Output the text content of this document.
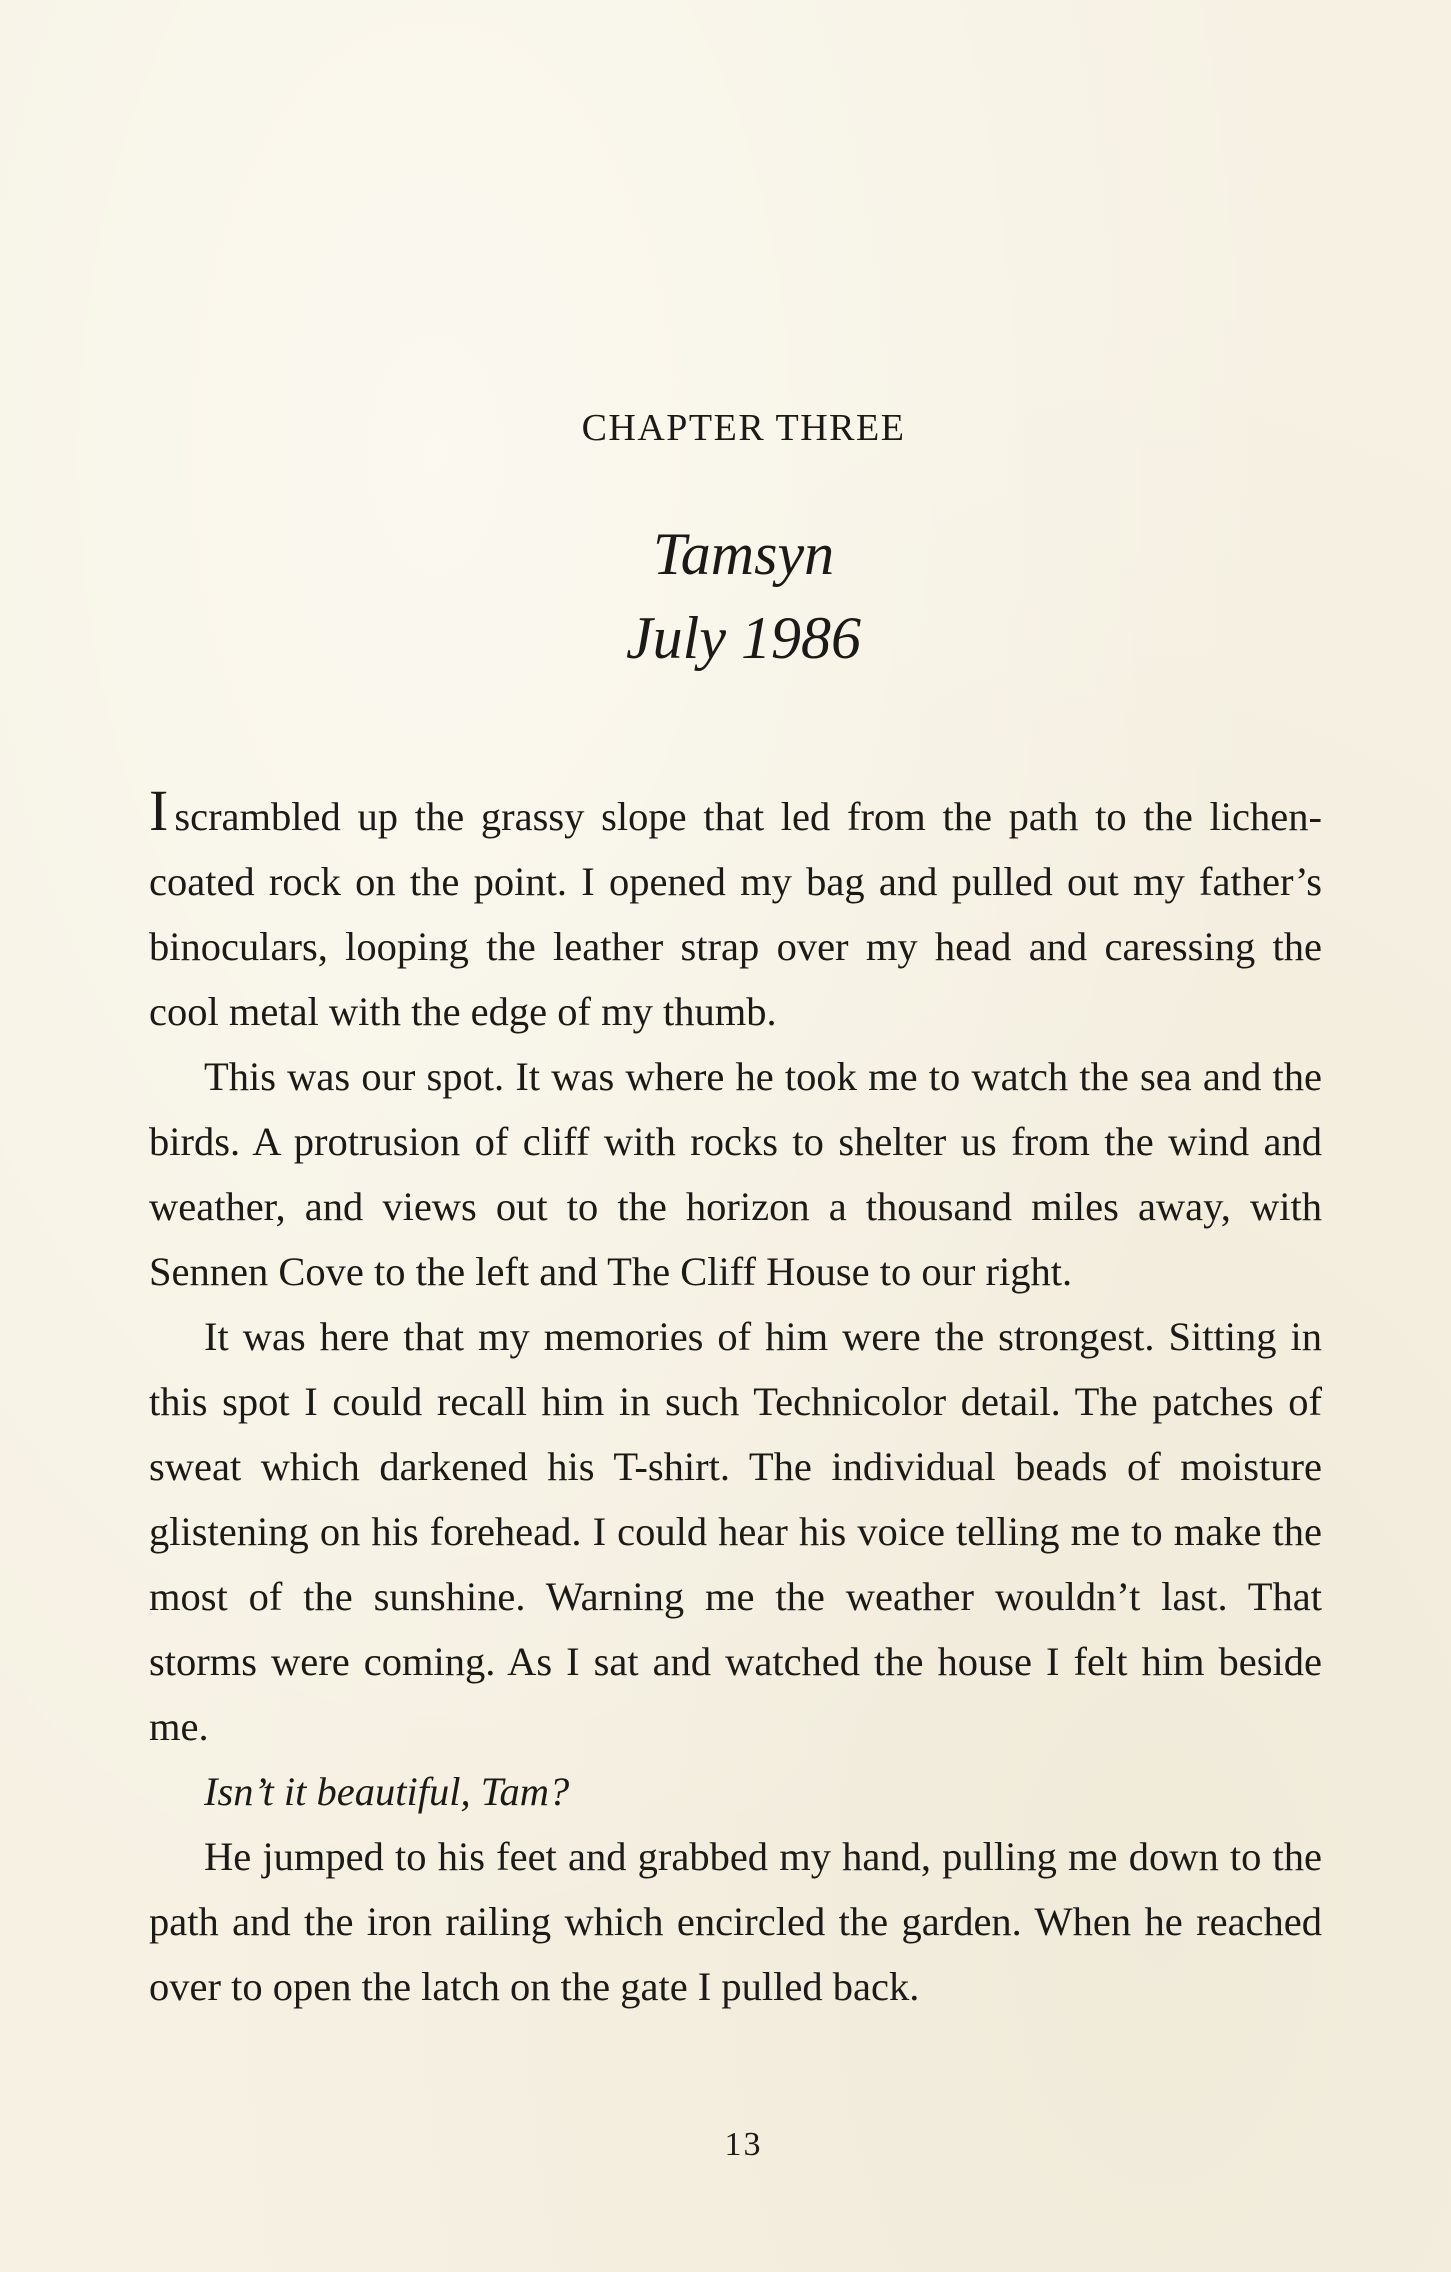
CHAPTER THREE
Tamsyn
July 1986

I scrambled up the grassy slope that led from the path to the lichen-coated rock on the point. I opened my bag and pulled out my father’s binoculars, looping the leather strap over my head and caressing the cool metal with the edge of my thumb.

This was our spot. It was where he took me to watch the sea and the birds. A protrusion of cliff with rocks to shelter us from the wind and weather, and views out to the horizon a thousand miles away, with Sennen Cove to the left and The Cliff House to our right.

It was here that my memories of him were the strongest. Sitting in this spot I could recall him in such Technicolor detail. The patches of sweat which darkened his T-shirt. The individual beads of moisture glistening on his forehead. I could hear his voice telling me to make the most of the sunshine. Warning me the weather wouldn’t last. That storms were coming. As I sat and watched the house I felt him beside me.

Isn’t it beautiful, Tam?

He jumped to his feet and grabbed my hand, pulling me down to the path and the iron railing which encircled the garden. When he reached over to open the latch on the gate I pulled back.

13
